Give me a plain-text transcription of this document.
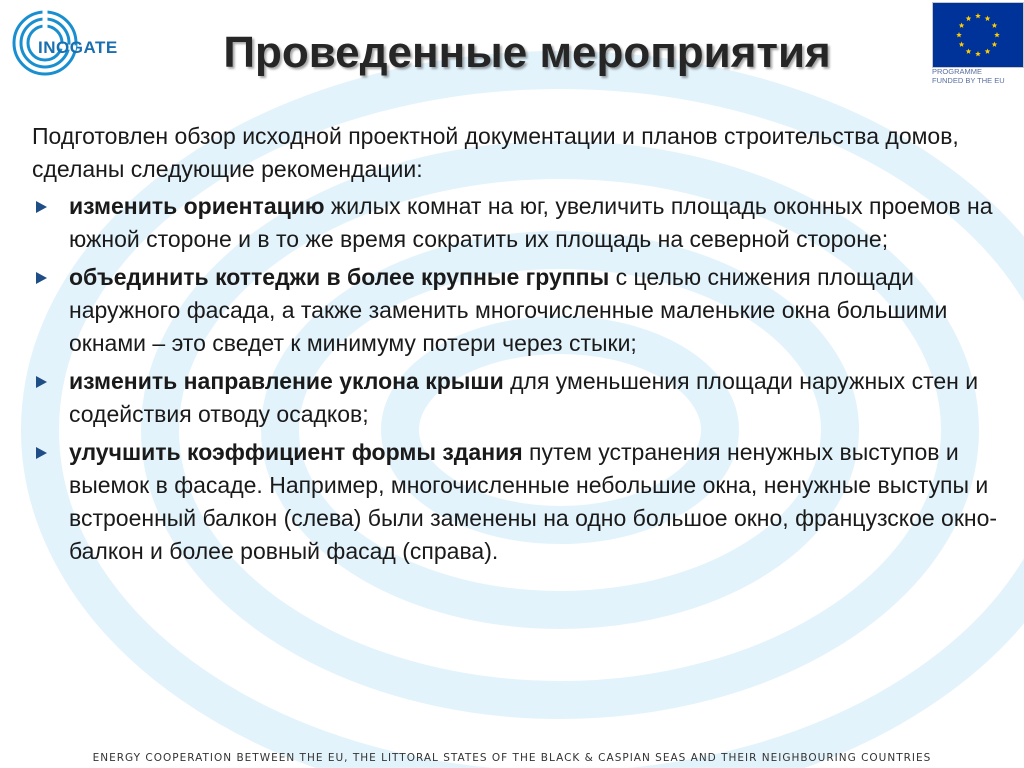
INOGATE
PROGRAMME
FUNDED BY THE EU
Проведенные мероприятия

Подготовлен обзор исходной проектной документации и планов строительства домов, сделаны следующие рекомендации:

изменить ориентацию жилых комнат на юг, увеличить площадь оконных проемов на южной стороне и в то же время сократить их площадь на северной стороне;
объединить коттеджи в более крупные группы с целью снижения площади наружного фасада, а также заменить многочисленные маленькие окна большими окнами – это сведет к минимуму потери через стыки;
изменить направление уклона крыши для уменьшения площади наружных стен и содействия отводу осадков;
улучшить коэффициент формы здания путем устранения ненужных выступов и выемок в фасаде. Например, многочисленные небольшие окна, ненужные выступы и встроенный балкон (слева) были заменены на одно большое окно, французское окно-балкон и более ровный фасад (справа).
ENERGY COOPERATION BETWEEN THE EU, THE LITTORAL STATES OF THE BLACK & CASPIAN SEAS AND THEIR NEIGHBOURING COUNTRIES
